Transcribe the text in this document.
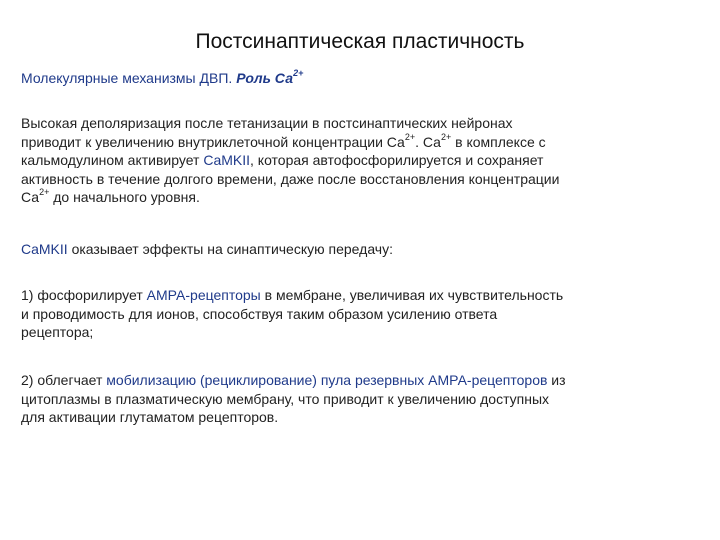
Постсинаптическая пластичность
Молекулярные механизмы ДВП. Роль $Са^{2+}$
Высокая деполяризация после тетанизации в постсинаптических нейронах
приводит к увеличению внутриклеточной концентрации $Са^{2+}$. $Са^{2+}$ в комплексе с
кальмодулином активирует CaMKII, которая автофосфорилируется и сохраняет
активность в течение долгого времени, даже после восстановления концентрации
$Са^{2+}$ до начального уровня.
CaMKII оказывает эффекты на синаптическую передачу:
1) фосфорилирует АМРА-рецепторы в мембране, увеличивая их чувствительность
и проводимость для ионов, способствуя таким образом усилению ответа
рецептора;
2) облегчает мобилизацию (рециклирование) пула резервных АМРА-рецепторов из
цитоплазмы в плазматическую мембрану, что приводит к увеличению доступных
для активации глутаматом рецепторов.
